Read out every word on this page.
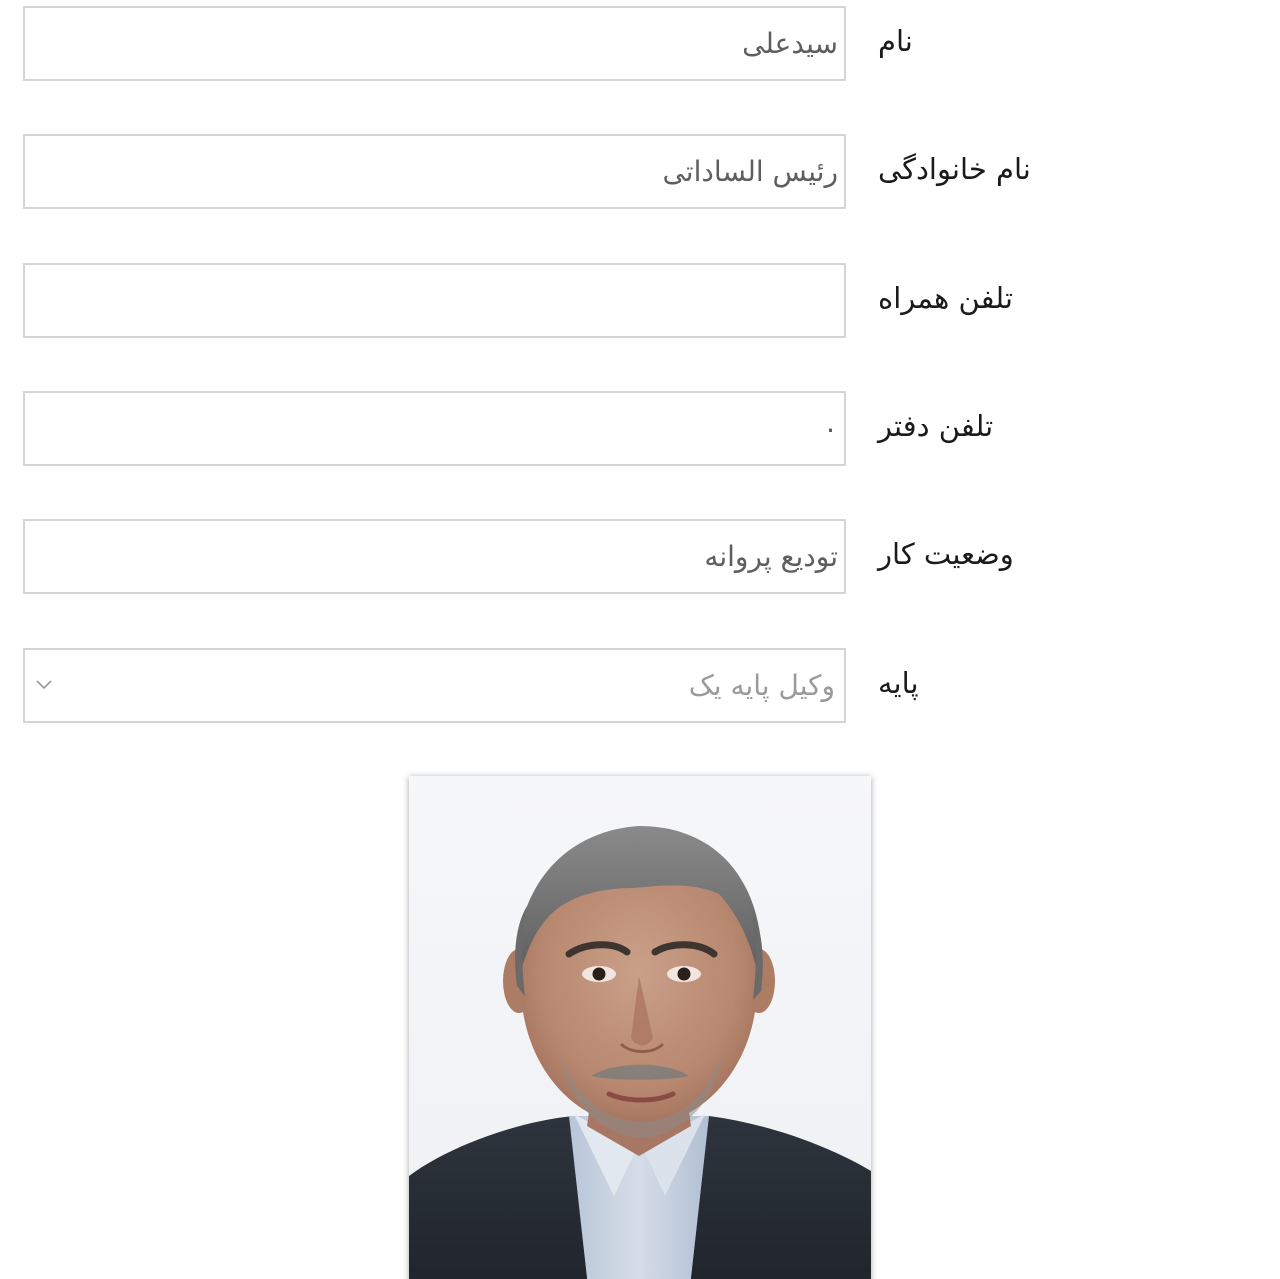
سیدعلی نام
رئیس الساداتی نام خانوادگی
تلفن همراه
۰ تلفن دفتر
تودیع پروانه وضعیت کار
وکیل پایه یک پایه
